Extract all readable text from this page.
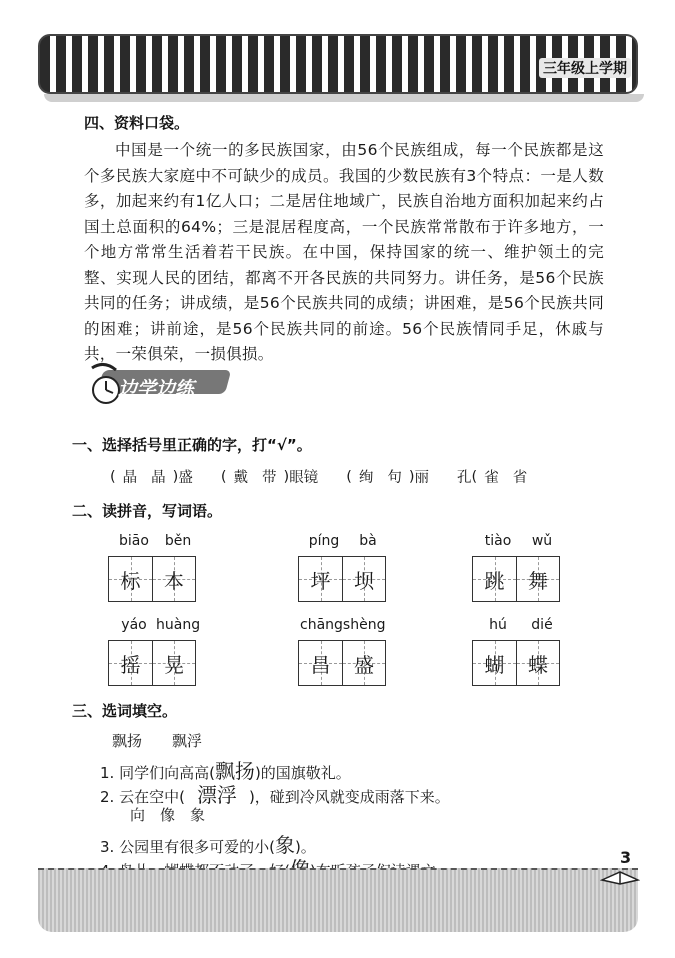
三年级上学期
四、资料口袋。
中国是一个统一的多民族国家，由56个民族组成，每一个民族都是这个多民族大家庭中不可缺少的成员。我国的少数民族有3个特点：一是人数多，加起来约有1亿人口；二是居住地域广，民族自治地方面积加起来约占国土总面积的64%；三是混居程度高，一个民族常常散布于许多地方，一个地方常常生活着若干民族。在中国，保持国家的统一、维护领土的完整、实现人民的团结，都离不开各民族的共同努力。讲任务，是56个民族共同的任务；讲成绩，是56个民族共同的成绩；讲困难，是56个民族共同的困难；讲前途，是56个民族共同的前途。56个民族情同手足，休戚与共，一荣俱荣，一损俱损。
边学边练
一、选择括号里正确的字，打“√”。
( 晶 晶 ) 盛 ( 戴 带 ) 眼镜 ( 绚 句 ) 丽 孔 ( 雀 省
二、读拼音，写词语。
biāo	běn
标 本
píng	bà
坪 坝
tiào	wǔ
跳 舞
yáo huàng
摇 晃
chāngshèng
昌 盛
hú	dié
蝴 蝶
三、选词填空。
飘扬　　飘浮
1. 同学们向高高(飘扬)的国旗敬礼。
2. 云在空中( 漂浮 )，碰到冷风就变成雨落下来。
向　像　象
3. 公园里有很多可爱的小(象)。
3
